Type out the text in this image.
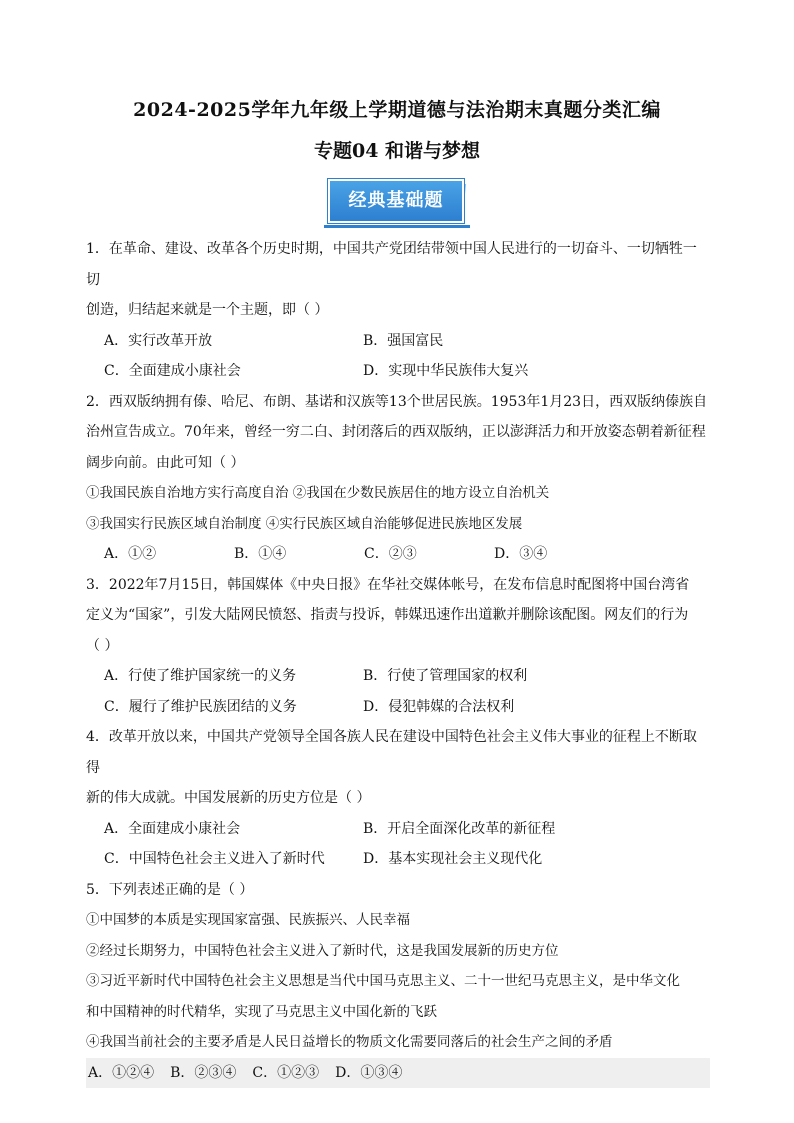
2024-2025学年九年级上学期道德与法治期末真题分类汇编
专题04 和谐与梦想
经典基础题

1．在革命、建设、改革各个历史时期，中国共产党团结带领中国人民进行的一切奋斗、一切牺牲一切

创造，归结起来就是一个主题，即（ ）

A．实行改革开放	B．强国富民
C．全面建成小康社会	D．实现中华民族伟大复兴

2．西双版纳拥有傣、哈尼、布朗、基诺和汉族等13个世居民族。1953年1月23日，西双版纳傣族自

治州宣告成立。70年来，曾经一穷二白、封闭落后的西双版纳，正以澎湃活力和开放姿态朝着新征程

阔步向前。由此可知（ ）

①我国民族自治地方实行高度自治 ②我国在少数民族居住的地方设立自治机关

③我国实行民族区域自治制度 ④实行民族区域自治能够促进民族地区发展

A．①②	B．①④	C．②③	D．③④

3．2022年7月15日，韩国媒体《中央日报》在华社交媒体帐号，在发布信息时配图将中国台湾省

定义为“国家”，引发大陆网民愤怒、指责与投诉，韩媒迅速作出道歉并删除该配图。网友们的行为

（ ）

A．行使了维护国家统一的义务	B．行使了管理国家的权利
C．履行了维护民族团结的义务	D．侵犯韩媒的合法权利

4．改革开放以来，中国共产党领导全国各族人民在建设中国特色社会主义伟大事业的征程上不断取得

新的伟大成就。中国发展新的历史方位是（ ）

A．全面建成小康社会	B．开启全面深化改革的新征程
C．中国特色社会主义进入了新时代	D．基本实现社会主义现代化

5．下列表述正确的是（ ）

①中国梦的本质是实现国家富强、民族振兴、人民幸福

②经过长期努力，中国特色社会主义进入了新时代，这是我国发展新的历史方位

③习近平新时代中国特色社会主义思想是当代中国马克思主义、二十一世纪马克思主义，是中华文化

和中国精神的时代精华，实现了马克思主义中国化新的飞跃

④我国当前社会的主要矛盾是人民日益增长的物质文化需要同落后的社会生产之间的矛盾

A．①②④ B．②③④ C．①②③ D．①③④
